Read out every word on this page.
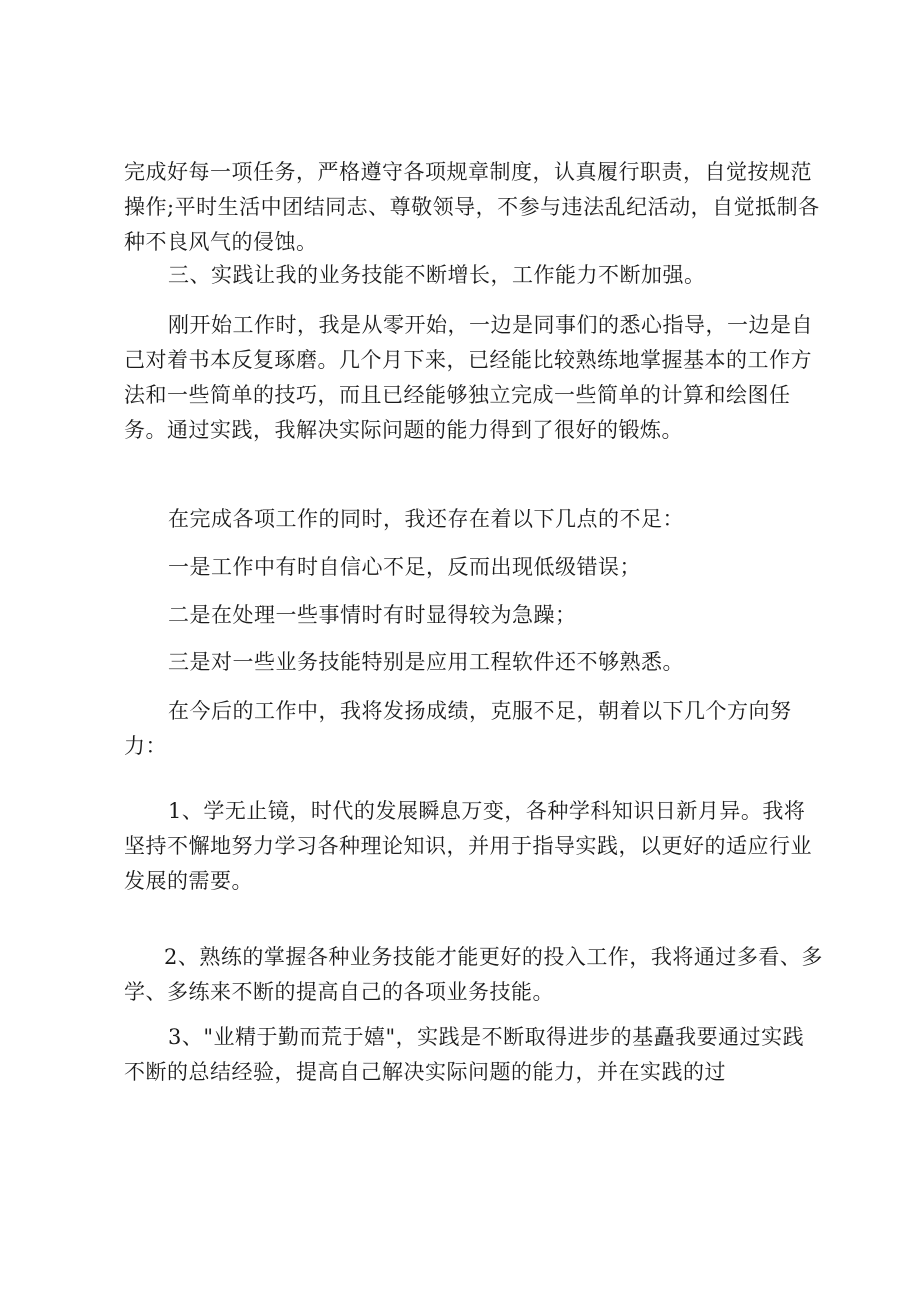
完成好每一项任务，严格遵守各项规章制度，认真履行职责，自觉按规范操作;平时生活中团结同志、尊敬领导，不参与违法乱纪活动，自觉抵制各种不良风气的侵蚀。

三、实践让我的业务技能不断增长，工作能力不断加强。

刚开始工作时，我是从零开始，一边是同事们的悉心指导，一边是自己对着书本反复琢磨。几个月下来，已经能比较熟练地掌握基本的工作方法和一些简单的技巧，而且已经能够独立完成一些简单的计算和绘图任务。通过实践，我解决实际问题的能力得到了很好的锻炼。

在完成各项工作的同时，我还存在着以下几点的不足：

一是工作中有时自信心不足，反而出现低级错误；

二是在处理一些事情时有时显得较为急躁；

三是对一些业务技能特别是应用工程软件还不够熟悉。

在今后的工作中，我将发扬成绩，克服不足，朝着以下几个方向努力：

1、学无止镜，时代的发展瞬息万变，各种学科知识日新月异。我将坚持不懈地努力学习各种理论知识，并用于指导实践，以更好的适应行业发展的需要。

2、熟练的掌握各种业务技能才能更好的投入工作，我将通过多看、多学、多练来不断的提高自己的各项业务技能。

3、"业精于勤而荒于嬉"，实践是不断取得进步的基矗我要通过实践不断的总结经验，提高自己解决实际问题的能力，并在实践的过
